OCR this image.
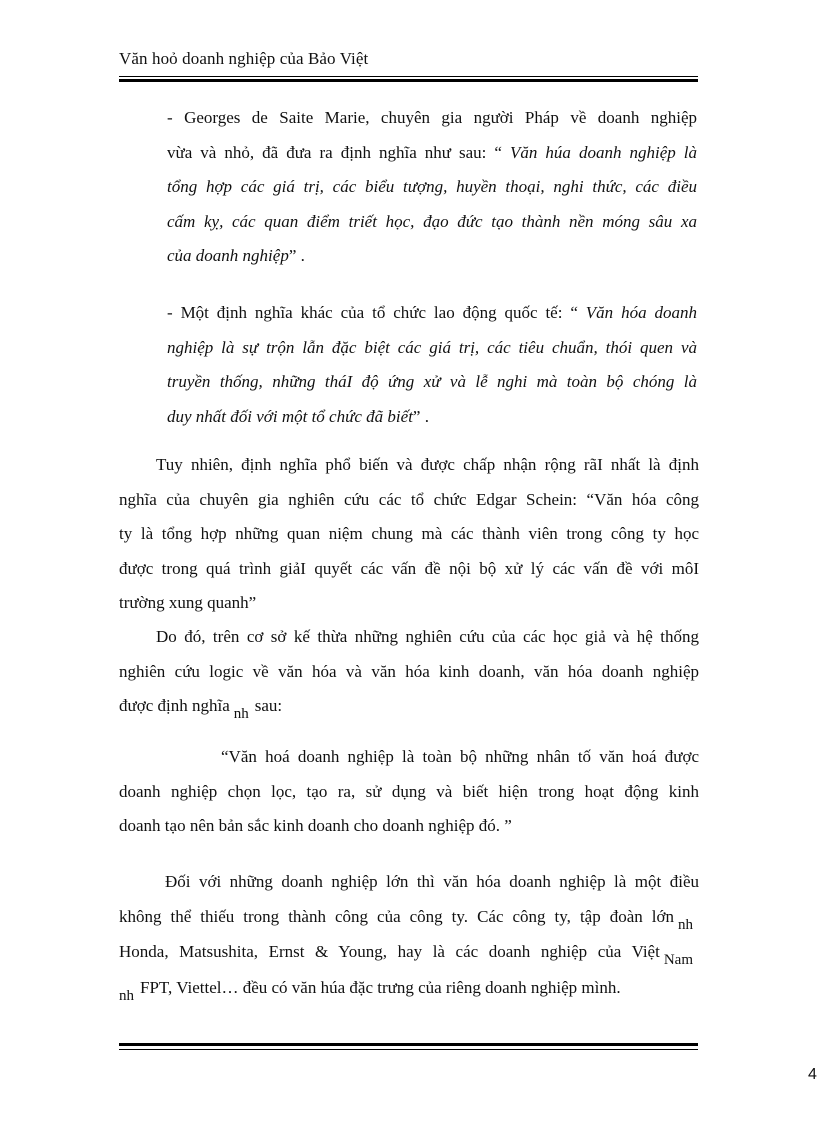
Văn hoỏ doanh nghiệp của Bảo Việt
- Georges de Saite Marie, chuyên gia người Pháp về doanh nghiệp
vừa và nhỏ, đã đưa ra định nghĩa như sau: “ Văn húa doanh nghiệp là
tổng hợp các giá trị, các biểu tượng, huyền thoại, nghi thức, các điều
cấm kỵ, các quan điểm triết học, đạo đức tạo thành nền móng sâu xa
của doanh nghiệp” .
- Một định nghĩa khác của tổ chức lao động quốc tế: “ Văn hóa doanh
nghiệp là sự trộn lẫn đặc biệt các giá trị, các tiêu chuẩn, thói quen và
truyền thống, những tháI độ ứng xử và lễ nghi mà toàn bộ chóng là
duy nhất đối với một tổ chức đã biết” .
Tuy nhiên, định nghĩa phổ biến và được chấp nhận rộng rãI nhất là định
nghĩa của chuyên gia nghiên cứu các tổ chức Edgar Schein: “Văn hóa công
ty là tổng hợp những quan niệm chung mà các thành viên trong công ty học
được trong quá trình giảI quyết các vấn đề nội bộ xử lý các vấn đề với môI
trường xung quanh”
Do đó, trên cơ sở kế thừa những nghiên cứu của các học giả và hệ thống
nghiên cứu logic về văn hóa và văn hóa kinh doanh, văn hóa doanh nghiệp
được định nghĩa nh sau:
“Văn hoá doanh nghiệp là toàn bộ những nhân tố văn hoá được
doanh nghiệp chọn lọc, tạo ra, sử dụng và biết hiện trong hoạt động kinh
doanh tạo nên bản sắc kinh doanh cho doanh nghiệp đó. ”
Đối với những doanh nghiệp lớn thì văn hóa doanh nghiệp là một điều
không thể thiếu trong thành công của công ty. Các công ty, tập đoàn lớn nh
Honda, Matsushita, Ernst & Young, hay là các doanh nghiệp của Việt Nam
nh FPT, Viettel… đều có văn húa đặc trưng của riêng doanh nghiệp mình.
4
